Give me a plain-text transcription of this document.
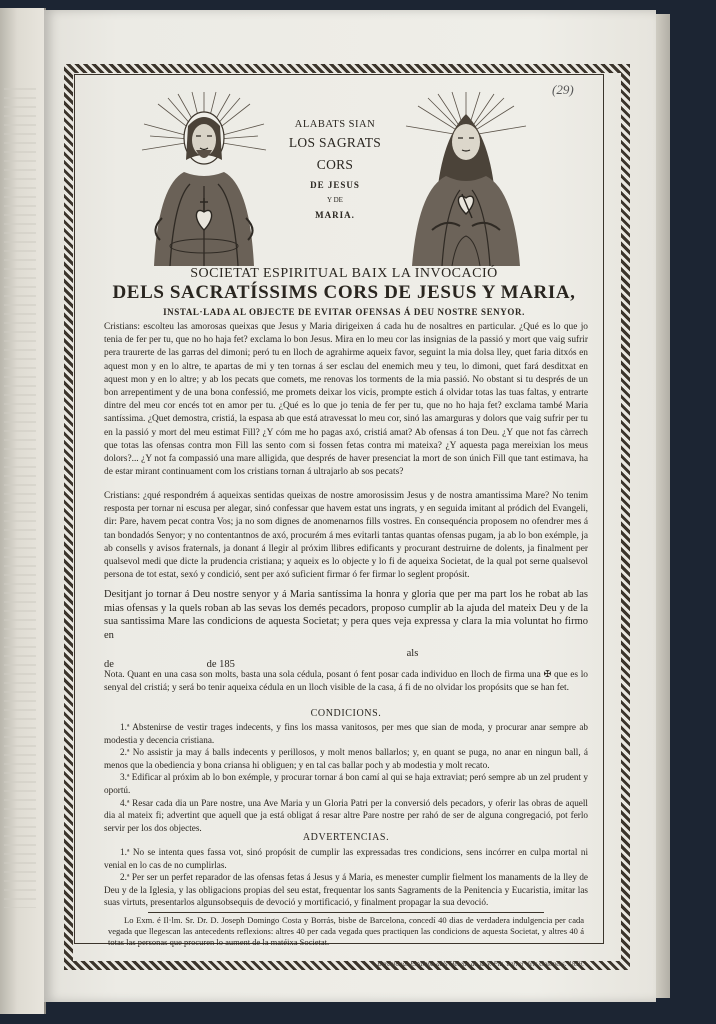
(29)

ALABATS SIAN

LOS SAGRATS CORS

DE JESUS

Y DE

MARIA.

SOCIETAT ESPIRITUAL BAIX LA INVOCACIÓ

DELS SACRATÍSSIMS CORS DE JESUS Y MARIA,

INSTAL·LADA AL OBJECTE DE EVITAR OFENSAS Á DEU NOSTRE SENYOR.

Cristians: escolteu las amorosas queixas que Jesus y Maria dirigeixen á cada hu de nosaltres en particular. ¿Qué es lo que jo tenia de fer per tu, que no ho haja fet? exclama lo bon Jesus. Mira en lo meu cor las insignias de la passió y mort que vaig sufrir pera traurerte de las garras del dimoni; peró tu en lloch de agrahirme aqueix favor, seguint la mia dolsa lley, quet faria ditxós en aquest mon y en lo altre, te apartas de mi y ten tornas á ser esclau del enemich meu y teu, lo dimoni, quet fará desditxat en aquest mon y en lo altre; y ab los pecats que comets, me renovas los torments de la mia passió. No obstant si tu després de un bon arrepentiment y de una bona confessió, me promets deixar los vicis, prompte estich á olvidar totas las tuas faltas, y entrarte dintre del meu cor encés tot en amor per tu. ¿Qué es lo que jo tenia de fer per tu, que no ho haja fet? exclama també Maria santíssima. ¿Quet demostra, cristiá, la espasa ab que está atravessat lo meu cor, sinó las amarguras y dolors que vaig sufrir per tu en la passió y mort del meu estimat Fill? ¿Y cóm me ho pagas axó, cristiá amat? Ab ofensas á ton Deu. ¿Y que not fas càrrech que totas las ofensas contra mon Fill las sento com si fossen fetas contra mi mateixa? ¿Y aquesta paga mereixian los meus dolors?... ¿Y not fa compassió una mare alligida, que després de haver presenciat la mort de son únich Fill que tant estimava, ha de estar mirant continuament com los cristians tornan á ultrajarlo ab sos pecats?

Cristians: ¿qué respondrém á aqueixas sentidas queixas de nostre amorosissim Jesus y de nostra amantissima Mare? No tenim resposta per tornar ni escusa per alegar, sinó confessar que havem estat uns ingrats, y en seguida imitant al pródich del Evangeli, dir: Pare, havem pecat contra Vos; ja no som dignes de anomenarnos fills vostres. En consequéncia proposem no ofendrer mes á tan bondadós Senyor; y no contentantnos de axó, procurém á mes evitarli tantas quantas ofensas pugam, ja ab lo bon exémple, ja ab consells y avisos fraternals, ja donant á llegir al próxim llibres edificants y procurant destruirne de dolents, ja finalment per qualsevol medi que dicte la prudencia cristiana; y aqueix es lo objecte y lo fi de aqueixa Societat, de la qual pot serne qualsevol persona de tot estat, sexó y condició, sent per axó suficient firmar ó fer firmar lo seglent propósit.

Desitjant jo tornar á Deu nostre senyor y á Maria santíssima la honra y gloria que per ma part los he robat ab las mias ofensas y la quels roban ab las sevas los demés pecadors, proposo cumplir ab la ajuda del mateix Deu y de la sua santissima Mare las condicions de aquesta Societat; y pera ques veja expressa y clara la mia voluntat ho firmo en

als
de	de 185

Nota. Quant en una casa son molts, basta una sola cédula, posant ó fent posar cada individuo en lloch de firma una ✠ que es lo senyal del cristiá; y será bo tenir aqueixa cédula en un lloch visible de la casa, á fi de no olvidar los propósits que se han fet.

CONDICIONS.

1.ª Abstenirse de vestir trages indecents, y fins los massa vanitosos, per mes que sian de moda, y procurar anar sempre ab modestia y decencia cristiana.
2.ª No assistir ja may á balls indecents y perillosos, y molt menos ballarlos; y, en quant se puga, no anar en ningun ball, á menos que la obediencia y bona criansa hi obliguen; y en tal cas ballar poch y ab modestia y molt recato.
3.ª Edificar al próxim ab lo bon exémple, y procurar tornar á bon camí al qui se haja extraviat; peró sempre ab un zel prudent y oportú.
4.ª Resar cada dia un Pare nostre, una Ave Maria y un Gloria Patri per la conversió dels pecadors, y oferir las obras de aquell dia al mateix fi; advertint que aquell que ja está obligat á resar altre Pare nostre per rahó de ser de alguna congregació, pot ferlo servir per los dos objectes.

ADVERTENCIAS.

1.ª No se intenta ques fassa vot, sinó propósit de cumplir las expressadas tres condicions, sens incórrer en culpa mortal ni venial en lo cas de no cumplirlas.
2.ª Per ser un perfet reparador de las ofensas fetas á Jesus y á Maria, es menester cumplir fielment los manaments de la lley de Deu y de la Iglesia, y las obligacions propias del seu estat, frequentar los sants Sagraments de la Penitencia y Eucaristia, imitar las suas virtuts, presentarlos algunsobsequis de devoció y mortificació, y finalment propagar la sua devoció.

Lo Exm. é Il·lm. Sr. Dr. D. Joseph Domingo Costa y Borrás, bisbe de Barcelona, concedí 40 dias de verdadera indulgencia per cada vegada que llegescan las antecedents reflexions: altres 40 per cada vegada ques practiquen las condicions de aquesta Societat, y altres 40 á totas las personas que procuren lo aument de la matéixa Societat.

Barcelona: Estampa dels Hereus de la V. Pla, carrer dels Cotoners. 1859.
